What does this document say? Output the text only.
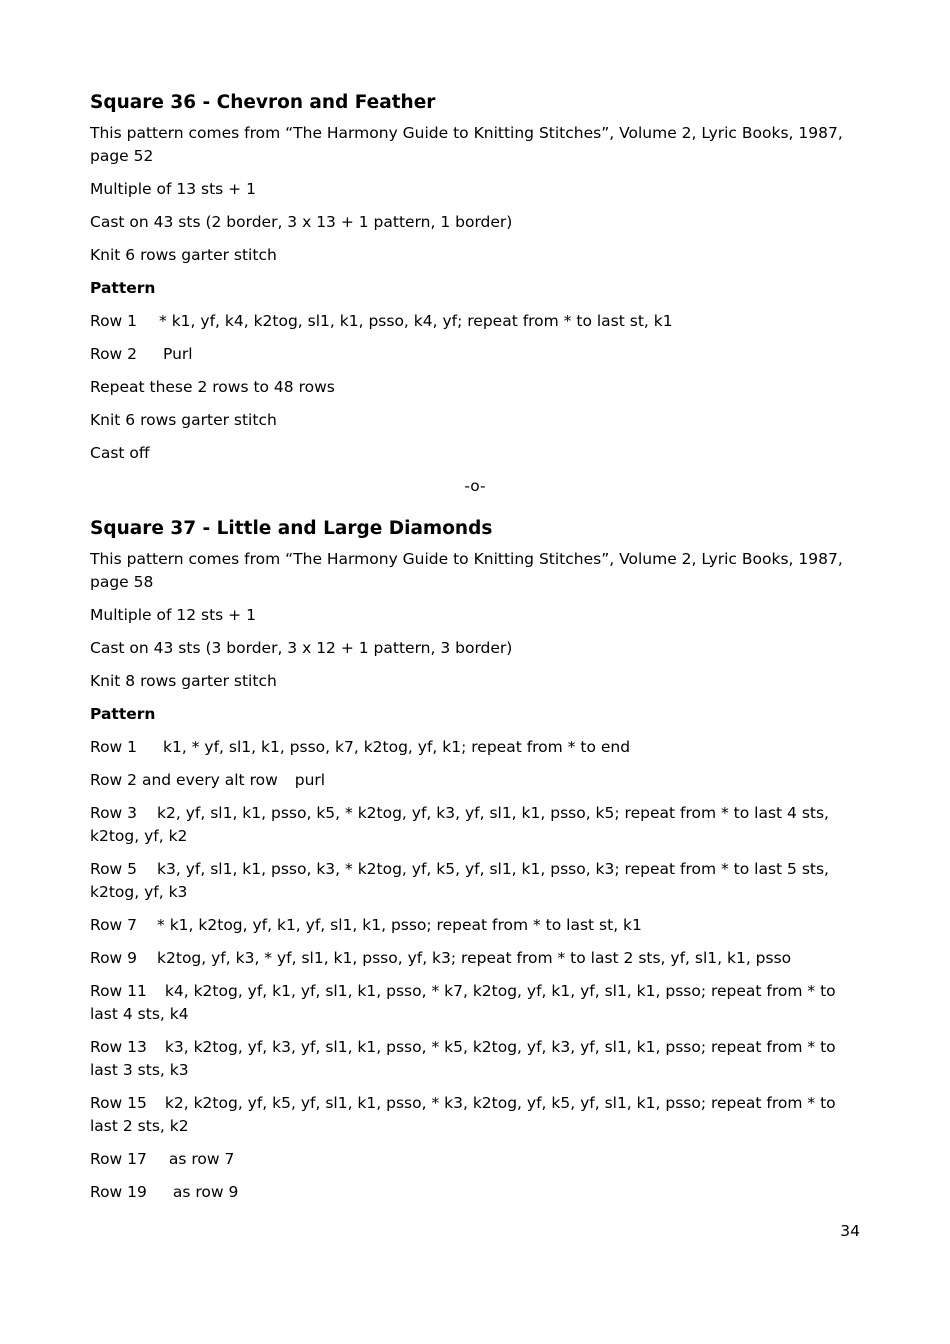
Square 36 - Chevron and Feather
This pattern comes from “The Harmony Guide to Knitting Stitches”, Volume 2, Lyric Books, 1987, page 52
Multiple of 13 sts + 1
Cast on 43 sts (2 border, 3 x 13 + 1 pattern, 1 border)
Knit 6 rows garter stitch
Pattern
Row 1 * k1, yf, k4, k2tog, sl1, k1, psso, k4, yf; repeat from * to last st, k1
Row 2 Purl
Repeat these 2 rows to 48 rows
Knit 6 rows garter stitch
Cast off
-o-
Square 37 - Little and Large Diamonds
This pattern comes from “The Harmony Guide to Knitting Stitches”, Volume 2, Lyric Books, 1987, page 58
Multiple of 12 sts + 1
Cast on 43 sts (3 border, 3 x 12 + 1 pattern, 3 border)
Knit 8 rows garter stitch
Pattern
Row 1 k1, * yf, sl1, k1, psso, k7, k2tog, yf, k1; repeat from * to end
Row 2 and every alt row purl
Row 3 k2, yf, sl1, k1, psso, k5, * k2tog, yf, k3, yf, sl1, k1, psso, k5; repeat from * to last 4 sts, k2tog, yf, k2
Row 5 k3, yf, sl1, k1, psso, k3, * k2tog, yf, k5, yf, sl1, k1, psso, k3; repeat from * to last 5 sts, k2tog, yf, k3
Row 7 * k1, k2tog, yf, k1, yf, sl1, k1, psso; repeat from * to last st, k1
Row 9 k2tog, yf, k3, * yf, sl1, k1, psso, yf, k3; repeat from * to last 2 sts, yf, sl1, k1, psso
Row 11 k4, k2tog, yf, k1, yf, sl1, k1, psso, * k7, k2tog, yf, k1, yf, sl1, k1, psso; repeat from * to last 4 sts, k4
Row 13 k3, k2tog, yf, k3, yf, sl1, k1, psso, * k5, k2tog, yf, k3, yf, sl1, k1, psso; repeat from * to last 3 sts, k3
Row 15 k2, k2tog, yf, k5, yf, sl1, k1, psso, * k3, k2tog, yf, k5, yf, sl1, k1, psso; repeat from * to last 2 sts, k2
Row 17 as row 7
Row 19 as row 9
34
